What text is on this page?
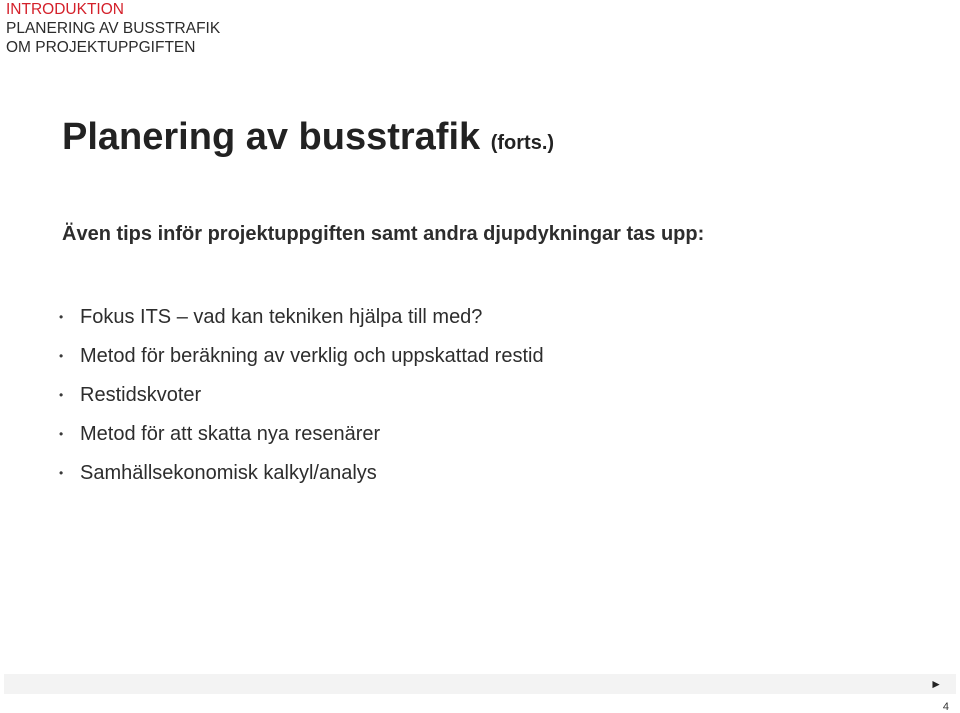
INTRODUKTION
PLANERING AV BUSSTRAFIK
OM PROJEKTUPPGIFTEN
Planering av busstrafik (forts.)
Även tips inför projektuppgiften samt andra djupdykningar tas upp:
• Fokus ITS – vad kan tekniken hjälpa till med?
• Metod för beräkning av verklig och uppskattad restid
• Restidskvoter
• Metod för att skatta nya resenärer
• Samhällsekonomisk kalkyl/analys
►
4
